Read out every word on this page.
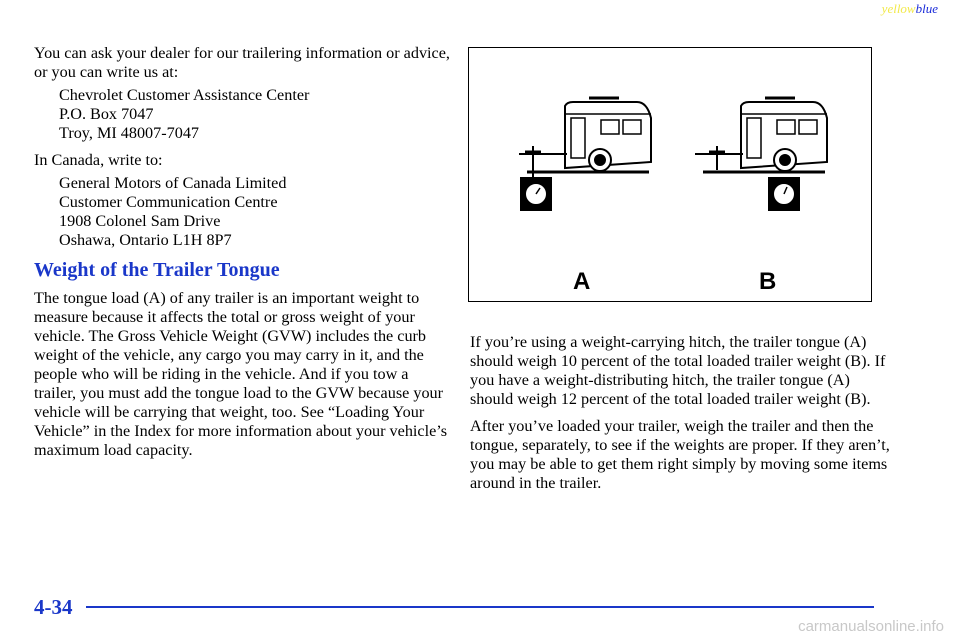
yellowblue

You can ask your dealer for our trailering information or advice, or you can write us at:

Chevrolet Customer Assistance Center

P.O. Box 7047

Troy, MI 48007-7047

In Canada, write to:

General Motors of Canada Limited

Customer Communication Centre

1908 Colonel Sam Drive

Oshawa, Ontario L1H 8P7

Weight of the Trailer Tongue

The tongue load (A) of any trailer is an important weight to measure because it affects the total or gross weight of your vehicle. The Gross Vehicle Weight (GVW) includes the curb weight of the vehicle, any cargo you may carry in it, and the people who will be riding in the vehicle. And if you tow a trailer, you must add the tongue load to the GVW because your vehicle will be carrying that weight, too. See “Loading Your Vehicle” in the Index for more information about your vehicle’s maximum load capacity.

A	B

If you’re using a weight-carrying hitch, the trailer tongue (A) should weigh 10 percent of the total loaded trailer weight (B). If you have a weight-distributing hitch, the trailer tongue (A) should weigh 12 percent of the total loaded trailer weight (B).

After you’ve loaded your trailer, weigh the trailer and then the tongue, separately, to see if the weights are proper. If they aren’t, you may be able to get them right simply by moving some items around in the trailer.

4-34
carmanualsonline.info
